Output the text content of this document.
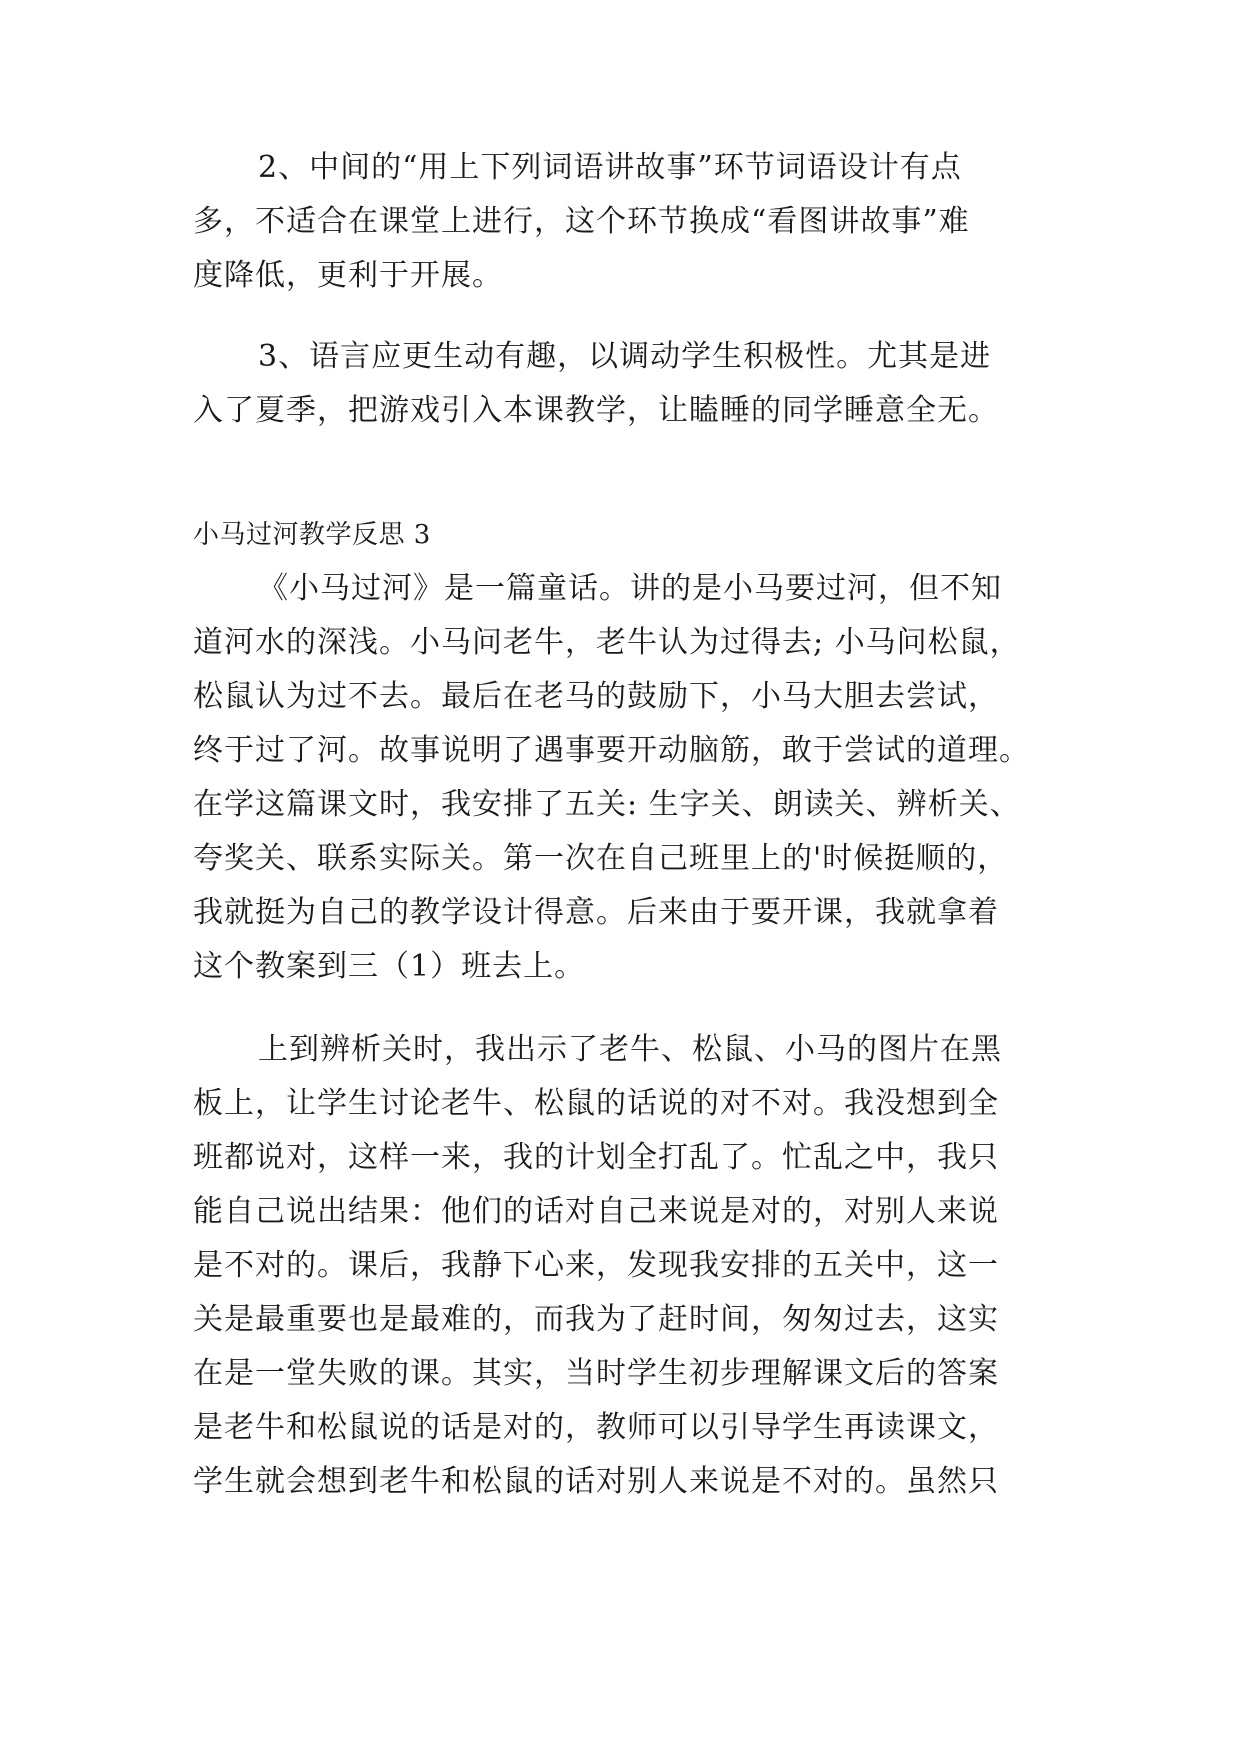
2、中间的“用上下列词语讲故事”环节词语设计有点
多，不适合在课堂上进行，这个环节换成“看图讲故事”难
度降低，更利于开展。
3、语言应更生动有趣，以调动学生积极性。尤其是进
入了夏季，把游戏引入本课教学，让瞌睡的同学睡意全无。
小马过河教学反思 3
《小马过河》是一篇童话。讲的是小马要过河，但不知
道河水的深浅。小马问老牛，老牛认为过得去; 小马问松鼠，
松鼠认为过不去。最后在老马的鼓励下，小马大胆去尝试，
终于过了河。故事说明了遇事要开动脑筋，敢于尝试的道理。
在学这篇课文时，我安排了五关: 生字关、朗读关、辨析关、
夸奖关、联系实际关。第一次在自己班里上的'时候挺顺的，
我就挺为自己的教学设计得意。后来由于要开课，我就拿着
这个教案到三（1）班去上。
上到辨析关时，我出示了老牛、松鼠、小马的图片在黑
板上，让学生讨论老牛、松鼠的话说的对不对。我没想到全
班都说对，这样一来，我的计划全打乱了。忙乱之中，我只
能自己说出结果：他们的话对自己来说是对的，对别人来说
是不对的。课后，我静下心来，发现我安排的五关中，这一
关是最重要也是最难的，而我为了赶时间，匆匆过去，这实
在是一堂失败的课。其实，当时学生初步理解课文后的答案
是老牛和松鼠说的话是对的，教师可以引导学生再读课文，
学生就会想到老牛和松鼠的话对别人来说是不对的。虽然只
